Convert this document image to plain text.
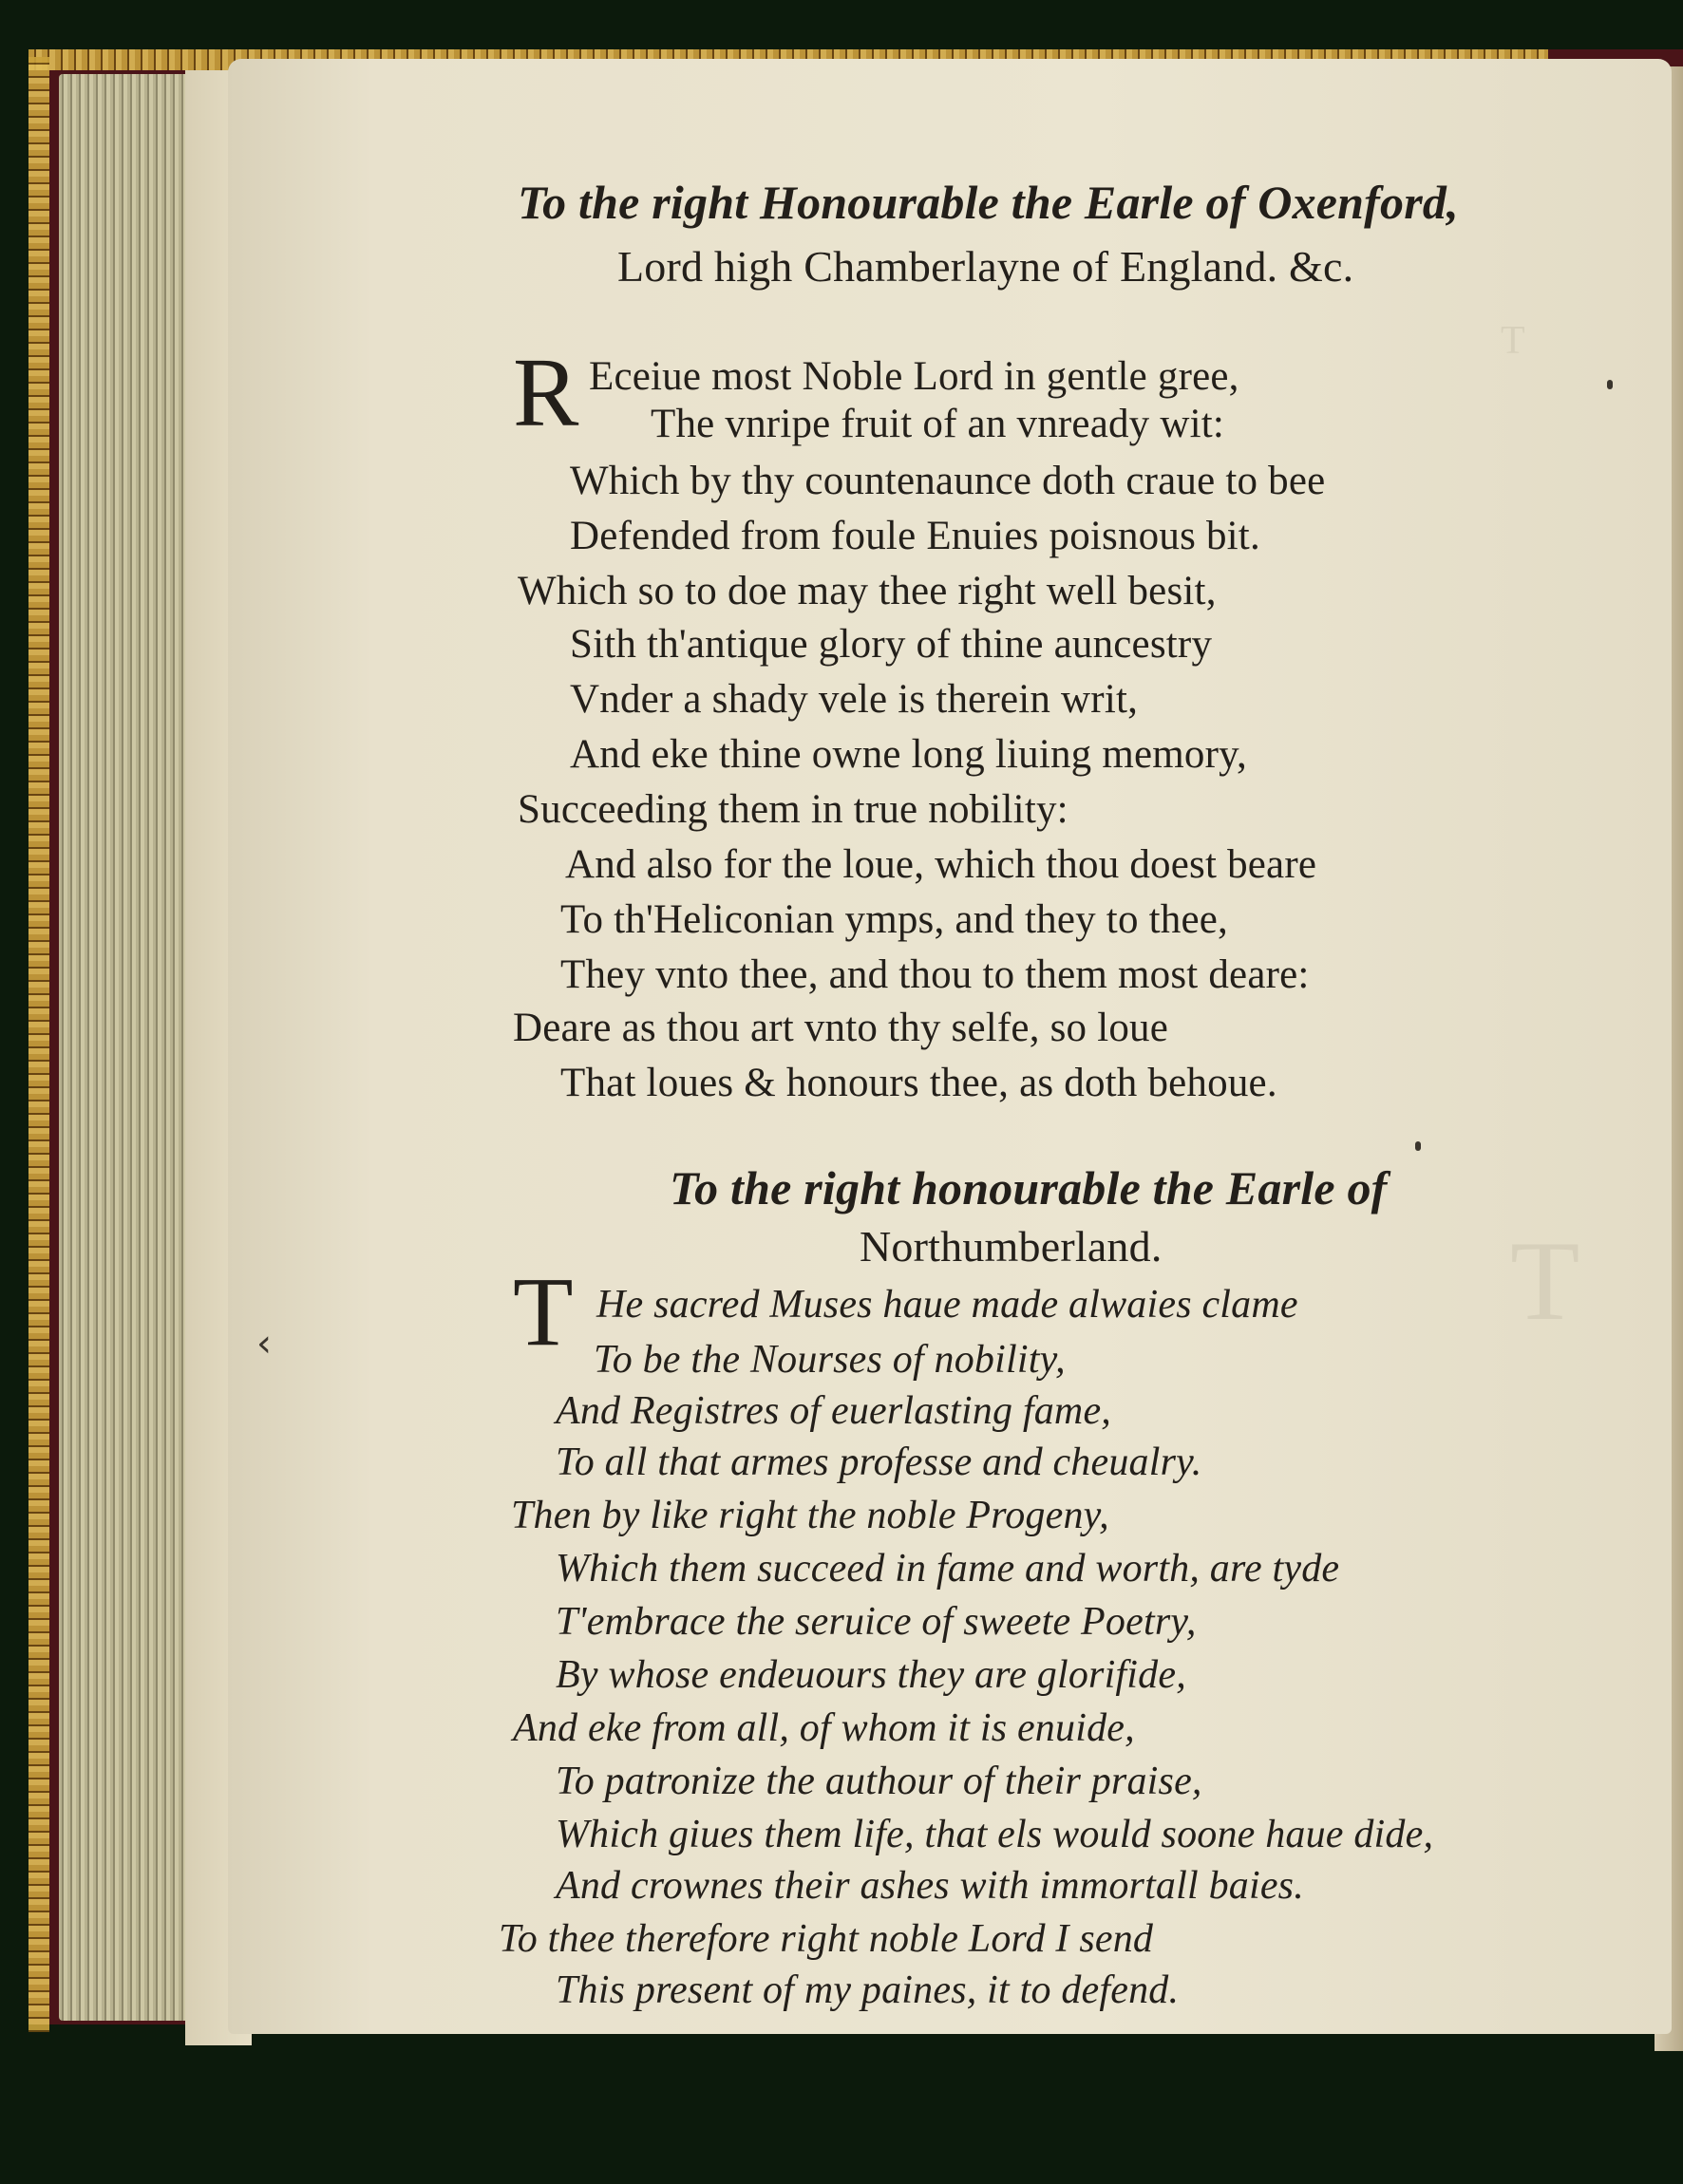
T
T
To the right Honourable the Earle of Oxenford,
Lord high Chamberlayne of England. &c.
R Eceiue most Noble Lord in gentle gree,
The vnripe fruit of an vnready wit:
Which by thy countenaunce doth craue to bee
Defended from foule Enuies poisnous bit.
Which so to doe may thee right well besit,
Sith th'antique glory of thine auncestry
Vnder a shady vele is therein writ,
And eke thine owne long liuing memory,
Succeeding them in true nobility:
And also for the loue, which thou doest beare
To th'Heliconian ymps, and they to thee,
They vnto thee, and thou to them most deare:
Deare as thou art vnto thy selfe, so loue
That loues & honours thee, as doth behoue.
To the right honourable the Earle of
Northumberland.
T He sacred Muses haue made alwaies clame
To be the Nourses of nobility,
And Registres of euerlasting fame,
To all that armes professe and cheualry.
Then by like right the noble Progeny,
Which them succeed in fame and worth, are tyde
T'embrace the seruice of sweete Poetry,
By whose endeuours they are glorifide,
And eke from all, of whom it is enuide,
To patronize the authour of their praise,
Which giues them life, that els would soone haue dide,
And crownes their ashes with immortall baies.
To thee therefore right noble Lord I send
This present of my paines, it to defend.
‹
